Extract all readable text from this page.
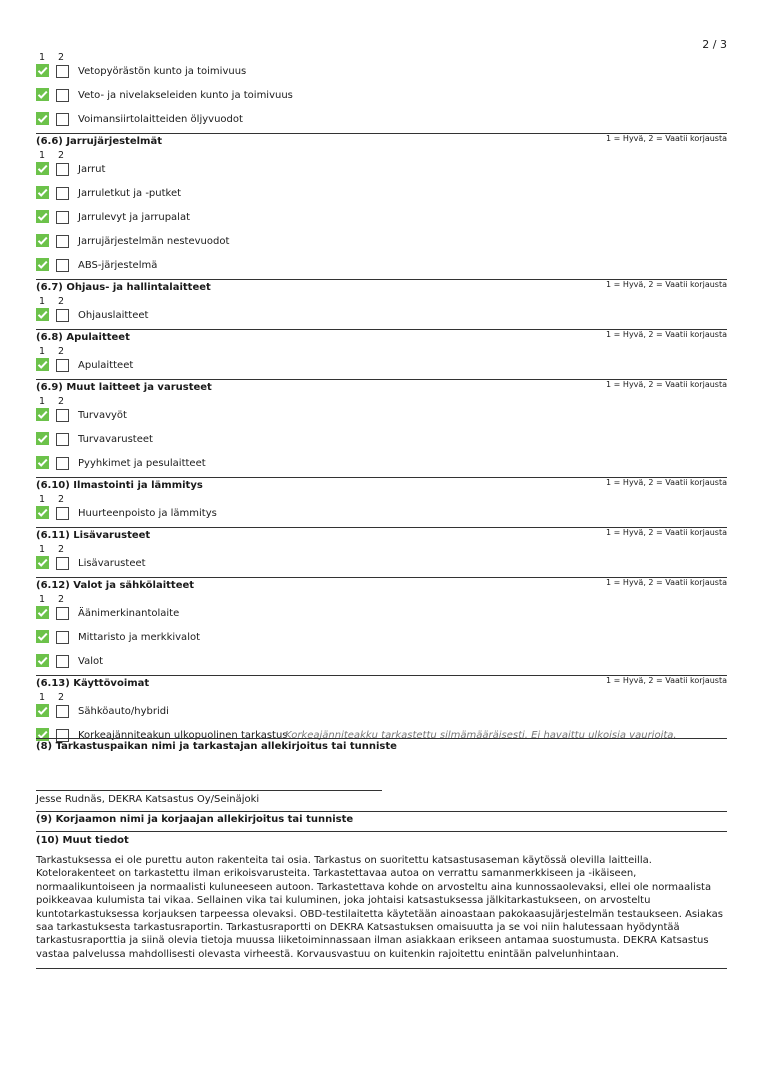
2 / 3
1 2
Vetopyörästön kunto ja toimivuus
Veto- ja nivelakseleiden kunto ja toimivuus
Voimansiirtolaitteiden öljyvuodot
(6.6) Jarrujärjestelmät	1 = Hyvä, 2 = Vaatii korjausta
1 2
Jarrut
Jarruletkut ja -putket
Jarrulevyt ja jarrupalat
Jarrujärjestelmän nestevuodot
ABS-järjestelmä
(6.7) Ohjaus- ja hallintalaitteet	1 = Hyvä, 2 = Vaatii korjausta
1 2
Ohjauslaitteet
(6.8) Apulaitteet	1 = Hyvä, 2 = Vaatii korjausta
1 2
Apulaitteet
(6.9) Muut laitteet ja varusteet	1 = Hyvä, 2 = Vaatii korjausta
1 2
Turvavyöt
Turvavarusteet
Pyyhkimet ja pesulaitteet
(6.10) Ilmastointi ja lämmitys	1 = Hyvä, 2 = Vaatii korjausta
1 2
Huurteenpoisto ja lämmitys
(6.11) Lisävarusteet	1 = Hyvä, 2 = Vaatii korjausta
1 2
Lisävarusteet
(6.12) Valot ja sähkölaitteet	1 = Hyvä, 2 = Vaatii korjausta
1 2
Äänimerkinantolaite
Mittaristo ja merkkivalot
Valot
(6.13) Käyttövoimat	1 = Hyvä, 2 = Vaatii korjausta
1 2
Sähköauto/hybridi
Korkeajänniteakun ulkopuolinen tarkastus
Korkeajänniteakku tarkastettu silmämääräisesti. Ei havaittu ulkoisia vaurioita.
(8) Tarkastuspaikan nimi ja tarkastajan allekirjoitus tai tunniste
Jesse Rudnäs, DEKRA Katsastus Oy/Seinäjoki
(9) Korjaamon nimi ja korjaajan allekirjoitus tai tunniste
(10) Muut tiedot
Tarkastuksessa ei ole purettu auton rakenteita tai osia. Tarkastus on suoritettu katsastusaseman käytössä olevilla laitteilla. Kotelorakenteet on tarkastettu ilman erikoisvarusteita. Tarkastettavaa autoa on verrattu samanmerkkiseen ja -ikäiseen, normaalikuntoiseen ja normaalisti kuluneeseen autoon. Tarkastettava kohde on arvosteltu aina kunnossaolevaksi, ellei ole normaalista poikkeavaa kulumista tai vikaa. Sellainen vika tai kuluminen, joka johtaisi katsastuksessa jälkitarkastukseen, on arvosteltu kuntotarkastuksessa korjauksen tarpeessa olevaksi. OBD-testilaitetta käytetään ainoastaan pakokaasujärjestelmän testaukseen. Asiakas saa tarkastuksesta tarkastusraportin. Tarkastusraportti on DEKRA Katsastuksen omaisuutta ja se voi niin halutessaan hyödyntää tarkastusraporttia ja siinä olevia tietoja muussa liiketoiminnassaan ilman asiakkaan erikseen antamaa suostumusta. DEKRA Katsastus vastaa palvelussa mahdollisesti olevasta virheestä. Korvausvastuu on kuitenkin rajoitettu enintään palvelunhintaan.
